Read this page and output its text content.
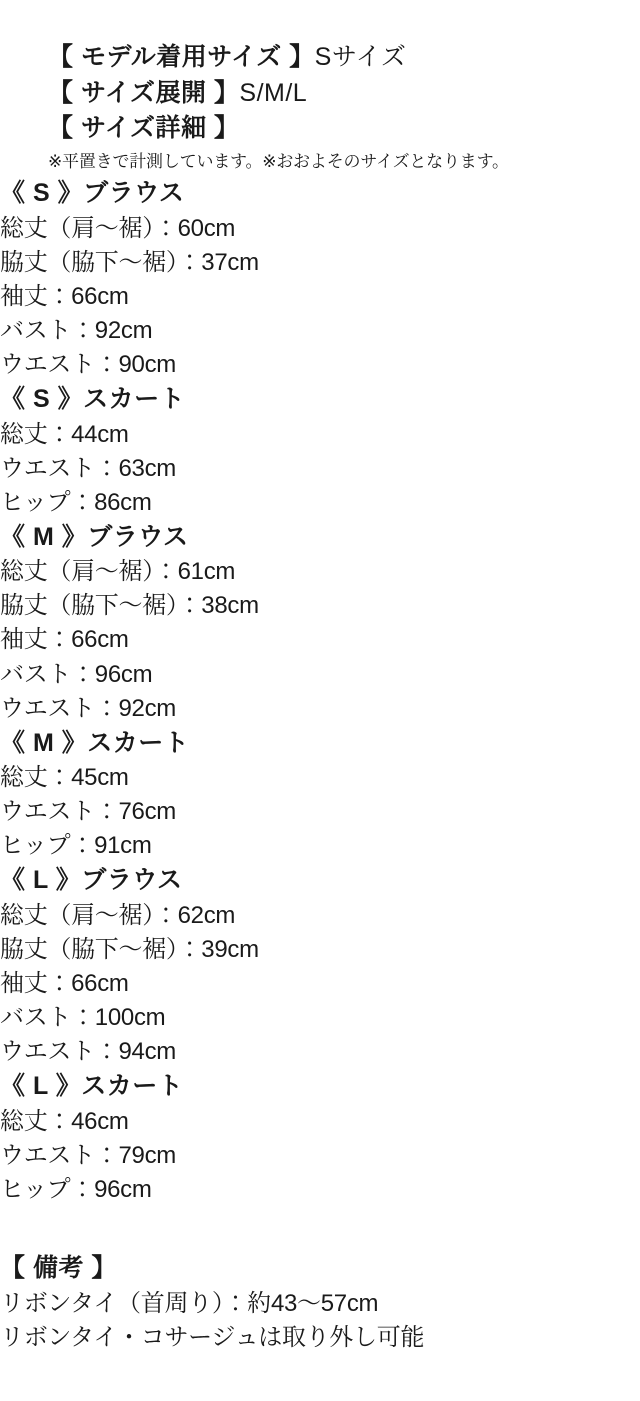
【 モデル着用サイズ 】Sサイズ

【 サイズ展開 】S/M/L

【 サイズ詳細 】

※平置きで計測しています。※おおよそのサイズとなります。

《 S 》ブラウス

総丈（肩〜裾）：60cm

脇丈（脇下〜裾）：37cm

袖丈：66cm

バスト：92cm

ウエスト：90cm

《 S 》スカート

総丈：44cm

ウエスト：63cm

ヒップ：86cm

《 M 》ブラウス

総丈（肩〜裾）：61cm

脇丈（脇下〜裾）：38cm

袖丈：66cm

バスト：96cm

ウエスト：92cm

《 M 》スカート

総丈：45cm

ウエスト：76cm

ヒップ：91cm

《 L 》ブラウス

総丈（肩〜裾）：62cm

脇丈（脇下〜裾）：39cm

袖丈：66cm

バスト：100cm

ウエスト：94cm

《 L 》スカート

総丈：46cm

ウエスト：79cm

ヒップ：96cm

【 備考 】

リボンタイ（首周り）：約43〜57cm

リボンタイ・コサージュは取り外し可能
